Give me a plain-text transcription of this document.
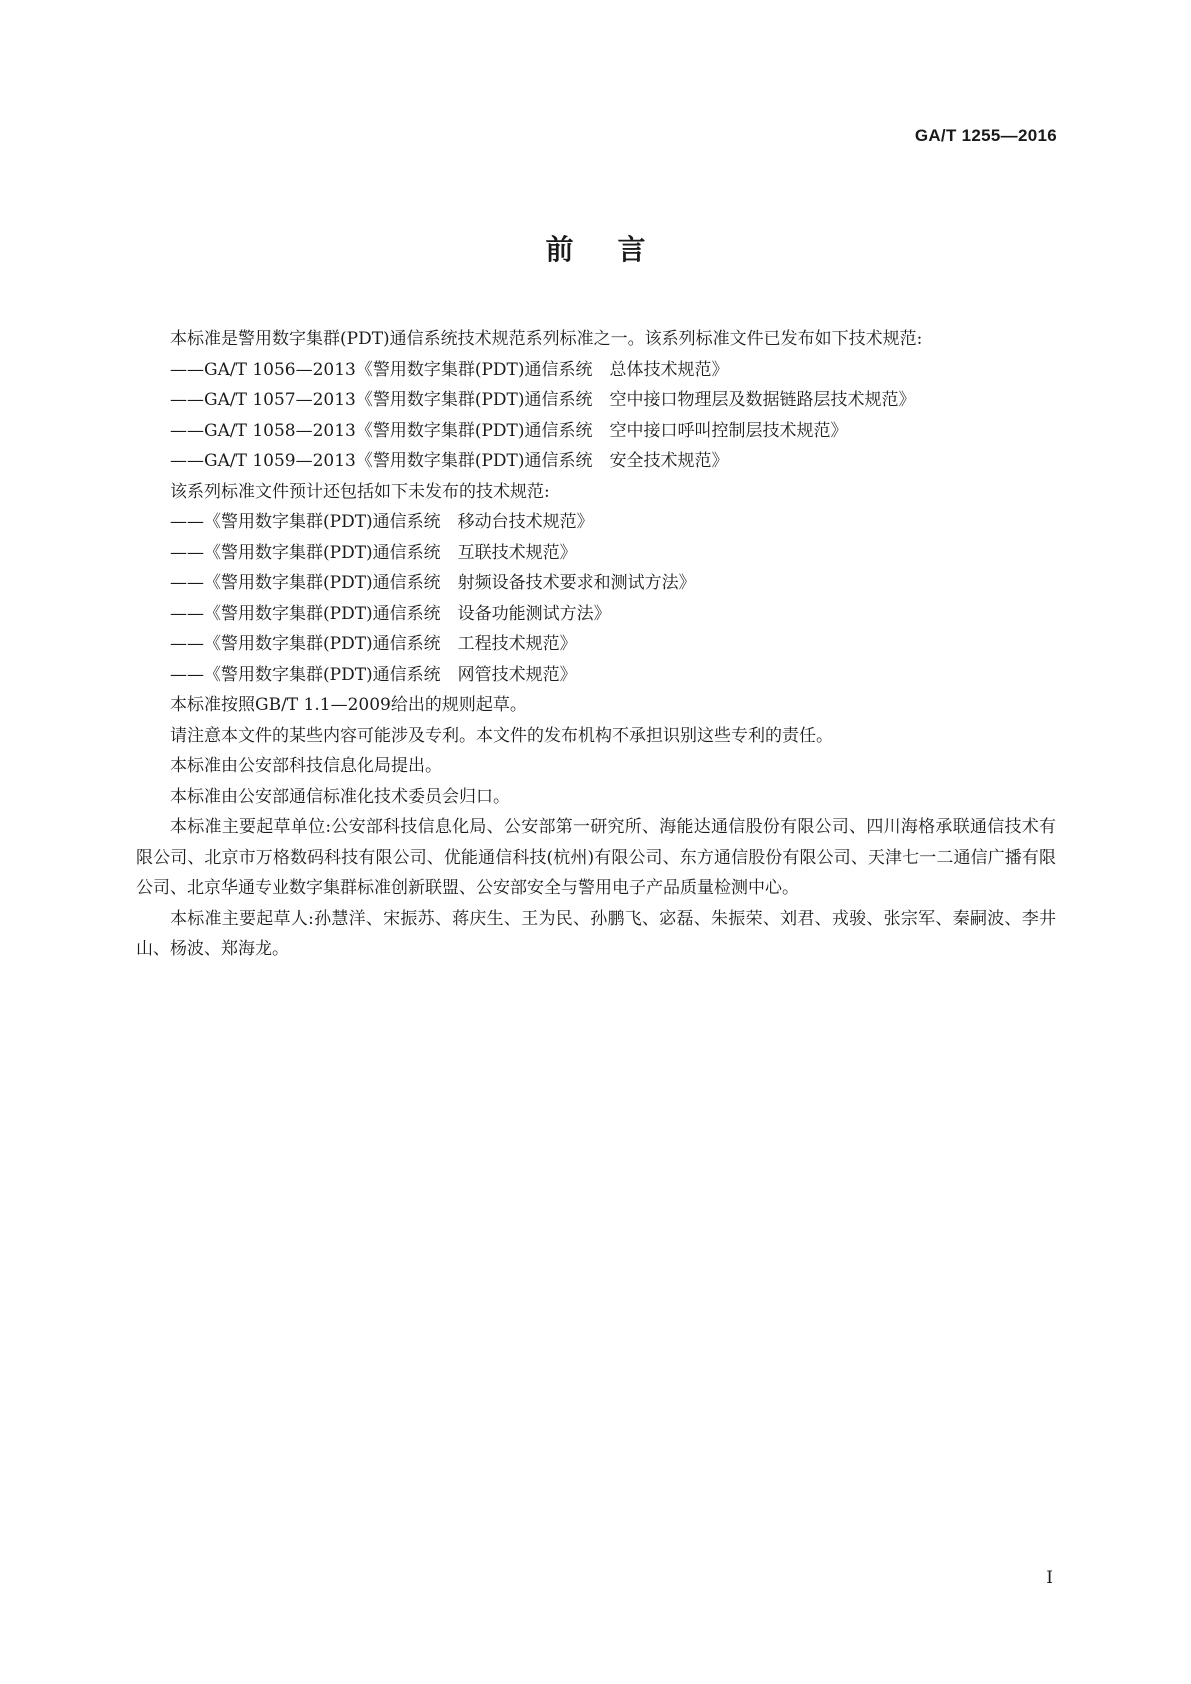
GA/T 1255—2016
前言

本标准是警用数字集群(PDT)通信系统技术规范系列标准之一。该系列标准文件已发布如下技术规范:

——GA/T 1056—2013《警用数字集群(PDT)通信系统　总体技术规范》

——GA/T 1057—2013《警用数字集群(PDT)通信系统　空中接口物理层及数据链路层技术规范》

——GA/T 1058—2013《警用数字集群(PDT)通信系统　空中接口呼叫控制层技术规范》

——GA/T 1059—2013《警用数字集群(PDT)通信系统　安全技术规范》

该系列标准文件预计还包括如下未发布的技术规范:

——《警用数字集群(PDT)通信系统　移动台技术规范》

——《警用数字集群(PDT)通信系统　互联技术规范》

——《警用数字集群(PDT)通信系统　射频设备技术要求和测试方法》

——《警用数字集群(PDT)通信系统　设备功能测试方法》

——《警用数字集群(PDT)通信系统　工程技术规范》

——《警用数字集群(PDT)通信系统　网管技术规范》

本标准按照GB/T 1.1—2009给出的规则起草。

请注意本文件的某些内容可能涉及专利。本文件的发布机构不承担识别这些专利的责任。

本标准由公安部科技信息化局提出。

本标准由公安部通信标准化技术委员会归口。

本标准主要起草单位:公安部科技信息化局、公安部第一研究所、海能达通信股份有限公司、四川海格承联通信技术有限公司、北京市万格数码科技有限公司、优能通信科技(杭州)有限公司、东方通信股份有限公司、天津七一二通信广播有限公司、北京华通专业数字集群标准创新联盟、公安部安全与警用电子产品质量检测中心。

本标准主要起草人:孙慧洋、宋振苏、蒋庆生、王为民、孙鹏飞、宓磊、朱振荣、刘君、戎骏、张宗军、秦嗣波、李井山、杨波、郑海龙。

I
